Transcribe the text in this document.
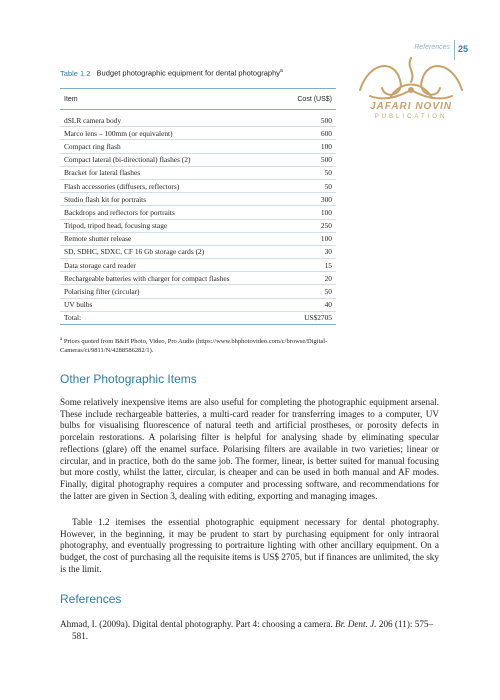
References 25
JAFARI NOVIN
PUBLICATION
Table 1.2 Budget photographic equipment for dental photography$^a$
Item	Cost (US$)
dSLR camera body	500
Marco lens – 100mm (or equivalent)	600
Compact ring flash	100
Compact lateral (bi-directional) flashes (2)	500
Bracket for lateral flashes	50
Flash accessories (diffusers, reflectors)	50
Studio flash kit for portraits	300
Backdrops and reflectors for portraits	100
Tripod, tripod head, focusing stage	250
Remote shutter release	100
SD, SDHC, SDXC, CF 16 Gb storage cards (2)	30
Data storage card reader	15
Rechargeable batteries with charger for compact flashes	20
Polarising filter (circular)	50
UV bulbs	40
Total:	US$2705
$^a$ Prices quoted from B&H Photo, Video, Pro Audio (https://www.bhphotovideo.com/c/browse/Digital-Cameras/ci/9811/N/4288586282/1).
Other Photographic Items

Some relatively inexpensive items are also useful for completing the photographic equipment arsenal. These include rechargeable batteries, a multi-card reader for transferring images to a computer, UV bulbs for visualising fluorescence of natural teeth and artificial prostheses, or porosity defects in porcelain restorations. A polarising filter is helpful for analysing shade by eliminating specular reflections (glare) off the enamel surface. Polarising filters are available in two varieties; linear or circular, and in practice, both do the same job. The former, linear, is better suited for manual focusing but more costly, whilst the latter, circular, is cheaper and can be used in both manual and AF modes. Finally, digital photography requires a computer and processing software, and recommendations for the latter are given in Section 3, dealing with editing, exporting and managing images.

Table 1.2 itemises the essential photographic equipment necessary for dental photography. However, in the beginning, it may be prudent to start by purchasing equipment for only intraoral photography, and eventually progressing to portraiture lighting with other ancillary equipment. On a budget, the cost of purchasing all the requisite items is US$ 2705, but if finances are unlimited, the sky is the limit.

References
Ahmad, I. (2009a). Digital dental photography. Part 4: choosing a camera. Br. Dent. J. 206 (11): 575–581.
